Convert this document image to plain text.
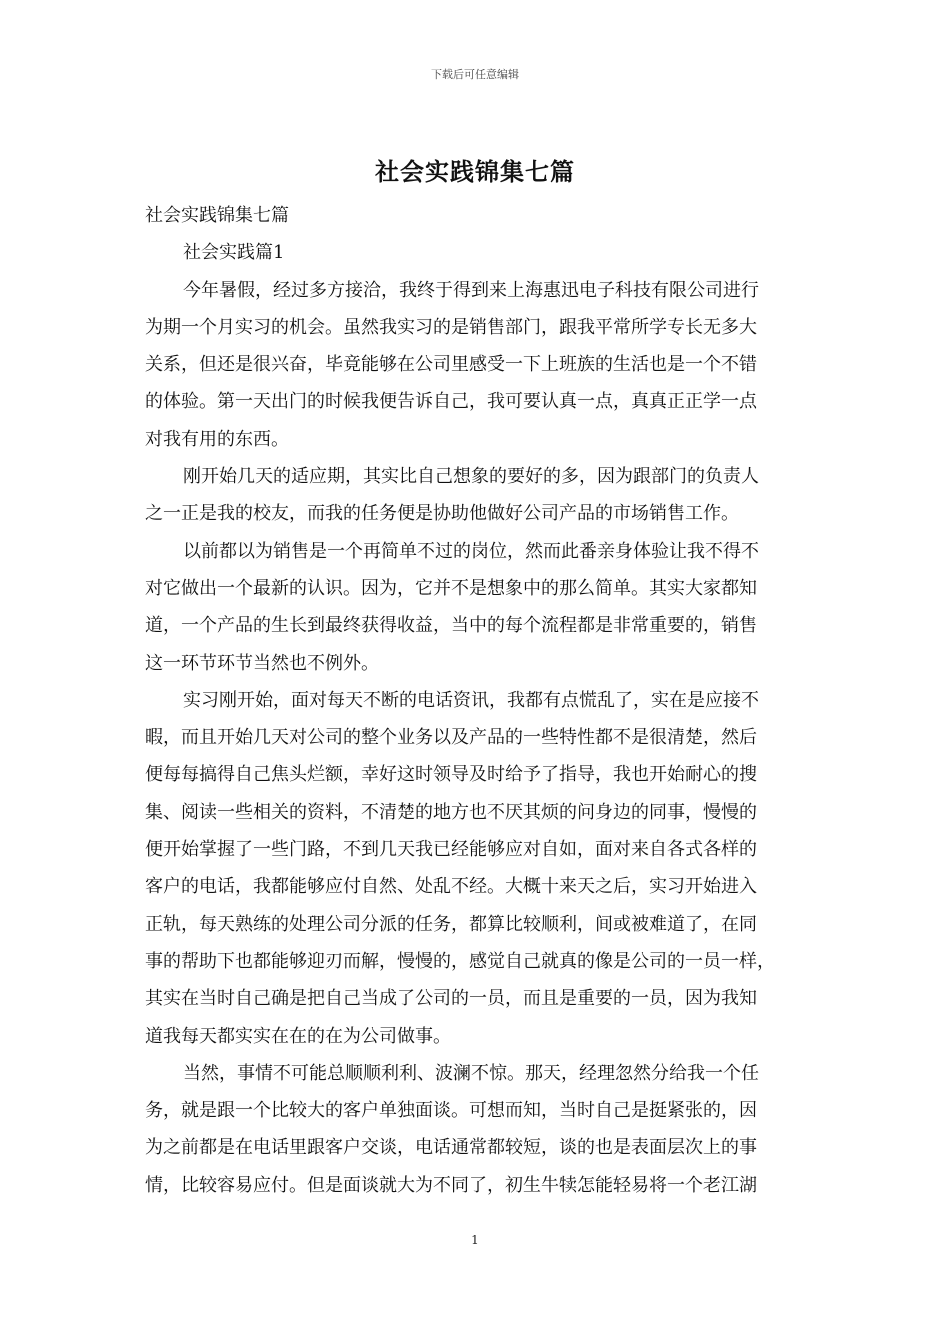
下载后可任意编辑
社会实践锦集七篇
社会实践锦集七篇
社会实践篇1
今年暑假，经过多方接洽，我终于得到来上海惠迅电子科技有限公司进行
为期一个月实习的机会。虽然我实习的是销售部门，跟我平常所学专长无多大
关系，但还是很兴奋，毕竟能够在公司里感受一下上班族的生活也是一个不错
的体验。第一天出门的时候我便告诉自己，我可要认真一点，真真正正学一点
对我有用的东西。
刚开始几天的适应期，其实比自己想象的要好的多，因为跟部门的负责人
之一正是我的校友，而我的任务便是协助他做好公司产品的市场销售工作。
以前都以为销售是一个再简单不过的岗位，然而此番亲身体验让我不得不
对它做出一个最新的认识。因为，它并不是想象中的那么简单。其实大家都知
道，一个产品的生长到最终获得收益，当中的每个流程都是非常重要的，销售
这一环节环节当然也不例外。
实习刚开始，面对每天不断的电话资讯，我都有点慌乱了，实在是应接不
暇，而且开始几天对公司的整个业务以及产品的一些特性都不是很清楚，然后
便每每搞得自己焦头烂额，幸好这时领导及时给予了指导，我也开始耐心的搜
集、阅读一些相关的资料，不清楚的地方也不厌其烦的问身边的同事，慢慢的
便开始掌握了一些门路，不到几天我已经能够应对自如，面对来自各式各样的
客户的电话，我都能够应付自然、处乱不经。大概十来天之后，实习开始进入
正轨，每天熟练的处理公司分派的任务，都算比较顺利，间或被难道了，在同
事的帮助下也都能够迎刃而解，慢慢的，感觉自己就真的像是公司的一员一样，
其实在当时自己确是把自己当成了公司的一员，而且是重要的一员，因为我知
道我每天都实实在在的在为公司做事。
当然，事情不可能总顺顺利利、波澜不惊。那天，经理忽然分给我一个任
务，就是跟一个比较大的客户单独面谈。可想而知，当时自己是挺紧张的，因
为之前都是在电话里跟客户交谈，电话通常都较短，谈的也是表面层次上的事
情，比较容易应付。但是面谈就大为不同了，初生牛犊怎能轻易将一个老江湖
1
